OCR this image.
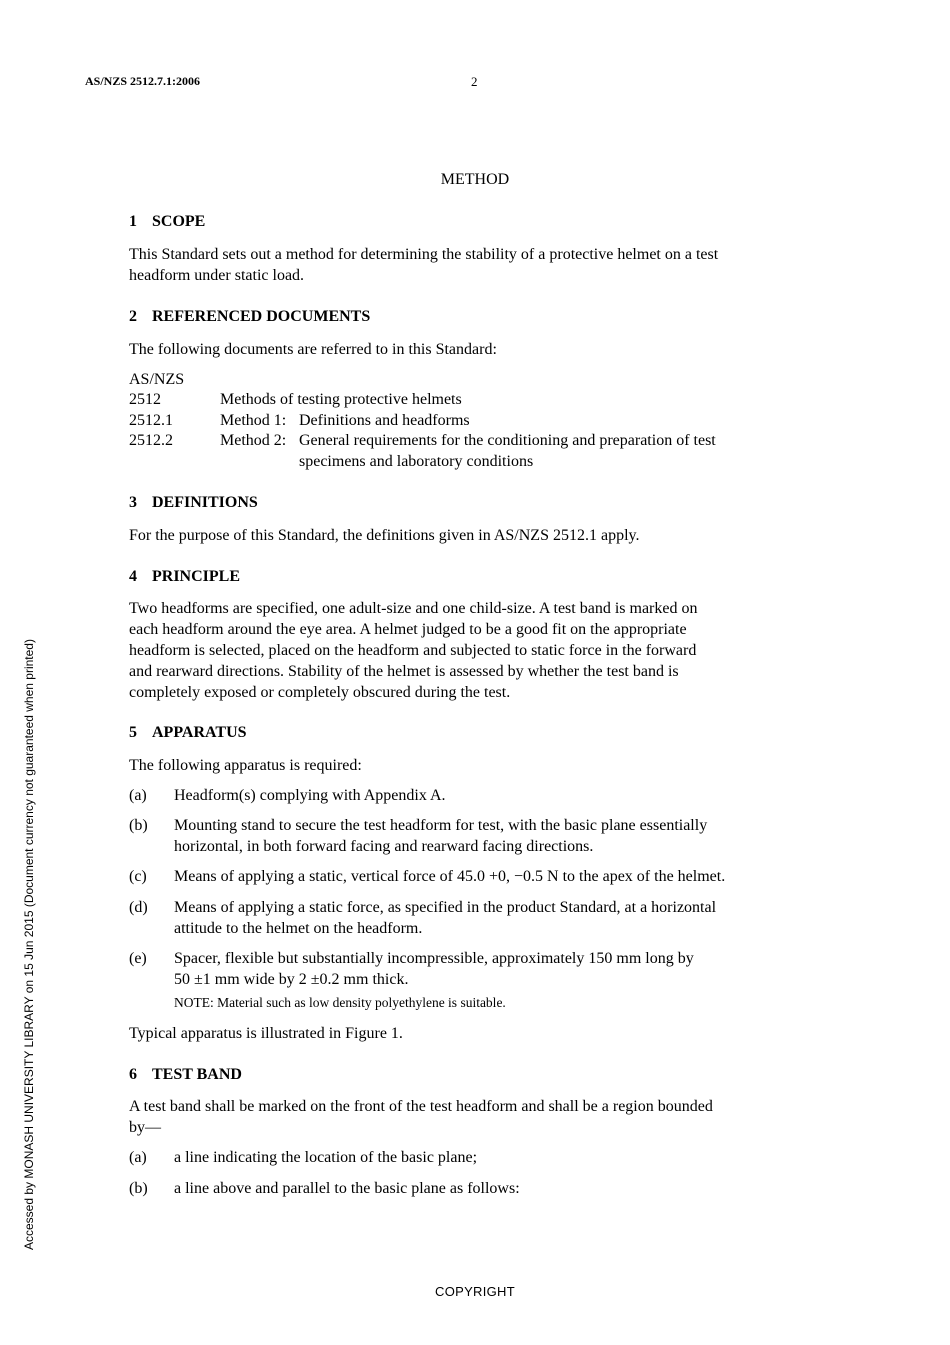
AS/NZS 2512.7.1:2006	2
METHOD
1 SCOPE
This Standard sets out a method for determining the stability of a protective helmet on a test
headform under static load.
2 REFERENCED DOCUMENTS
The following documents are referred to in this Standard:
AS/NZS
2512	Methods of testing protective helmets
2512.1	Method 1: Definitions and headforms
2512.2	Method 2: General requirements for the conditioning and preparation of test
specimens and laboratory conditions
3 DEFINITIONS
For the purpose of this Standard, the definitions given in AS/NZS 2512.1 apply.
4 PRINCIPLE
Two headforms are specified, one adult-size and one child-size. A test band is marked on
each headform around the eye area. A helmet judged to be a good fit on the appropriate
headform is selected, placed on the headform and subjected to static force in the forward
and rearward directions. Stability of the helmet is assessed by whether the test band is
completely exposed or completely obscured during the test.
5 APPARATUS
The following apparatus is required:
(a) Headform(s) complying with Appendix A.
(b) Mounting stand to secure the test headform for test, with the basic plane essentially
horizontal, in both forward facing and rearward facing directions.
(c) Means of applying a static, vertical force of 45.0 +0, −0.5 N to the apex of the helmet.
(d) Means of applying a static force, as specified in the product Standard, at a horizontal
attitude to the helmet on the headform.
(e) Spacer, flexible but substantially incompressible, approximately 150 mm long by
50 ±1 mm wide by 2 ±0.2 mm thick.
NOTE: Material such as low density polyethylene is suitable.
Typical apparatus is illustrated in Figure 1.
6 TEST BAND
A test band shall be marked on the front of the test headform and shall be a region bounded
by—
(a) a line indicating the location of the basic plane;
(b) a line above and parallel to the basic plane as follows:
COPYRIGHT
Accessed by MONASH UNIVERSITY LIBRARY on 15 Jun 2015 (Document currency not guaranteed when printed)
